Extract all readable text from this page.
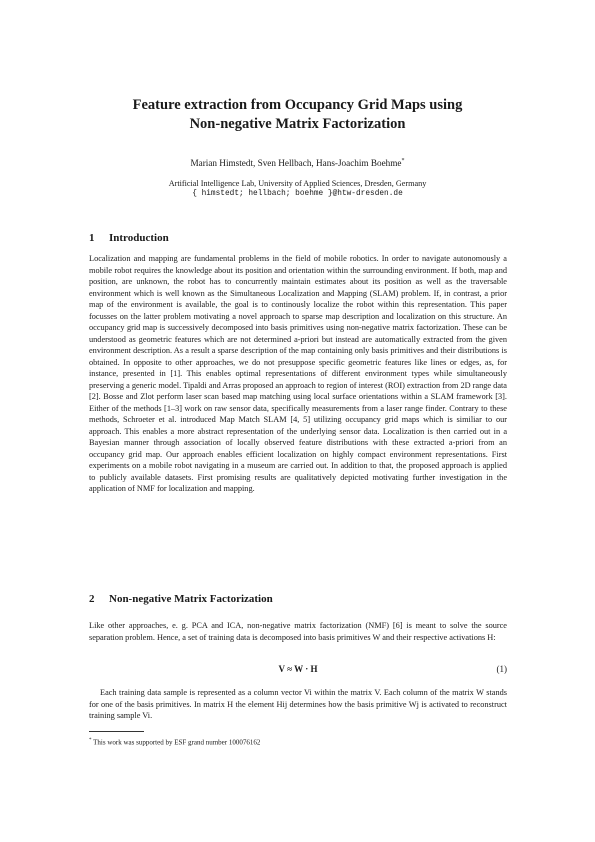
Feature extraction from Occupancy Grid Maps using
Non-negative Matrix Factorization
Marian Himstedt, Sven Hellbach, Hans-Joachim Boehme*
Artificial Intelligence Lab, University of Applied Sciences, Dresden, Germany
{ himstedt; hellbach; boehme }@htw-dresden.de
1 Introduction
Localization and mapping are fundamental problems in the field of mobile robotics. In order to navigate autonomously a mobile robot requires the knowledge about its position and orientation within the surrounding environment. If both, map and position, are unknown, the robot has to concurrently maintain estimates about its position as well as the traversable environment which is well known as the Simultaneous Localization and Mapping (SLAM) problem. If, in contrast, a prior map of the environment is available, the goal is to continously localize the robot within this representation. This paper focusses on the latter problem motivating a novel approach to sparse map description and localization on this structure. An occupancy grid map is successively decomposed into basis primitives using non-negative matrix factorization. These can be understood as geometric features which are not determined a-priori but instead are automatically extracted from the given environment description. As a result a sparse description of the map containing only basis primitives and their distributions is obtained. In opposite to other approaches, we do not presuppose specific geometric features like lines or edges, as, for instance, presented in [1]. This enables optimal representations of different environment types while simultaneously preserving a generic model. Tipaldi and Arras proposed an approach to region of interest (ROI) extraction from 2D range data [2]. Bosse and Zlot perform laser scan based map matching using local surface orientations within a SLAM framework [3]. Either of the methods [1–3] work on raw sensor data, specifically measurements from a laser range finder. Contrary to these methods, Schroeter et al. introduced Map Match SLAM [4, 5] utilizing occupancy grid maps which is similiar to our approach. This enables a more abstract representation of the underlying sensor data. Localization is then carried out in a Bayesian manner through association of locally observed feature distributions with these extracted a-priori from an occupancy grid map. Our approach enables efficient localization on highly compact environment representations. First experiments on a mobile robot navigating in a museum are carried out. In addition to that, the proposed approach is applied to publicly available datasets. First promising results are qualitatively depicted motivating further investigation in the application of NMF for localization and mapping.
2 Non-negative Matrix Factorization
Like other approaches, e. g. PCA and ICA, non-negative matrix factorization (NMF) [6] is meant to solve the source separation problem. Hence, a set of training data is decomposed into basis primitives W and their respective activations H:
V ≈ W · H	(1)
Each training data sample is represented as a column vector Vi within the matrix V. Each column of the matrix W stands for one of the basis primitives. In matrix H the element Hij determines how the basis primitive Wj is activated to reconstruct training sample Vi.
* This work was supported by ESF grand number 100076162
